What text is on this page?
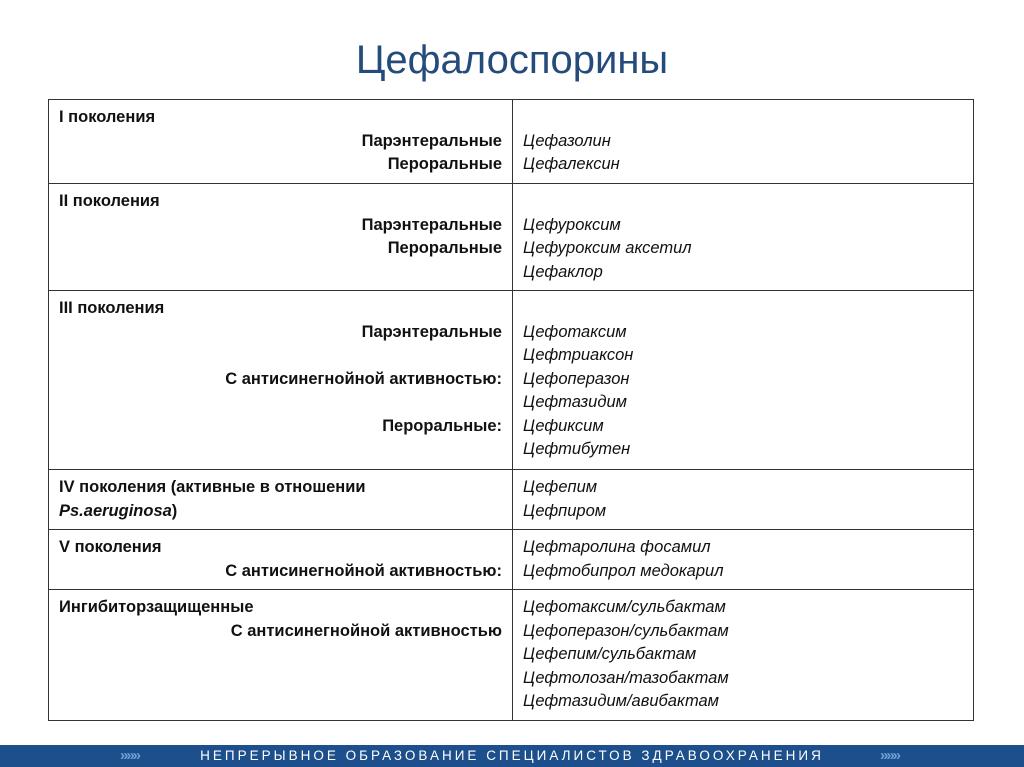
Цефалоспорины
I поколения
Парэнтеральные
Пероральные
Цефазолин
Цефалексин
II поколения
Парэнтеральные
Пероральные
Цефуроксим
Цефуроксим аксетил
Цефаклор
III поколения
Парэнтеральные
С антисинегнойной активностью:
Пероральные:
Цефотаксим
Цефтриаксон
Цефоперазон
Цефтазидим
Цефиксим
Цефтибутен
IV поколения (активные в отношении
Ps.aeruginosa)
Цефепим
Цефпиром
V поколения
С антисинегнойной активностью:
Цефтаролина фосамил
Цефтобипрол медокарил
Ингибиторзащищенные
С антисинегнойной активностью
Цефотаксим/сульбактам
Цефоперазон/сульбактам
Цефепим/сульбактам
Цефтолозан/тазобактам
Цефтазидим/авибактам
»»»	НЕПРЕРЫВНОЕ ОБРАЗОВАНИЕ СПЕЦИАЛИСТОВ ЗДРАВООХРАНЕНИЯ	»»»
